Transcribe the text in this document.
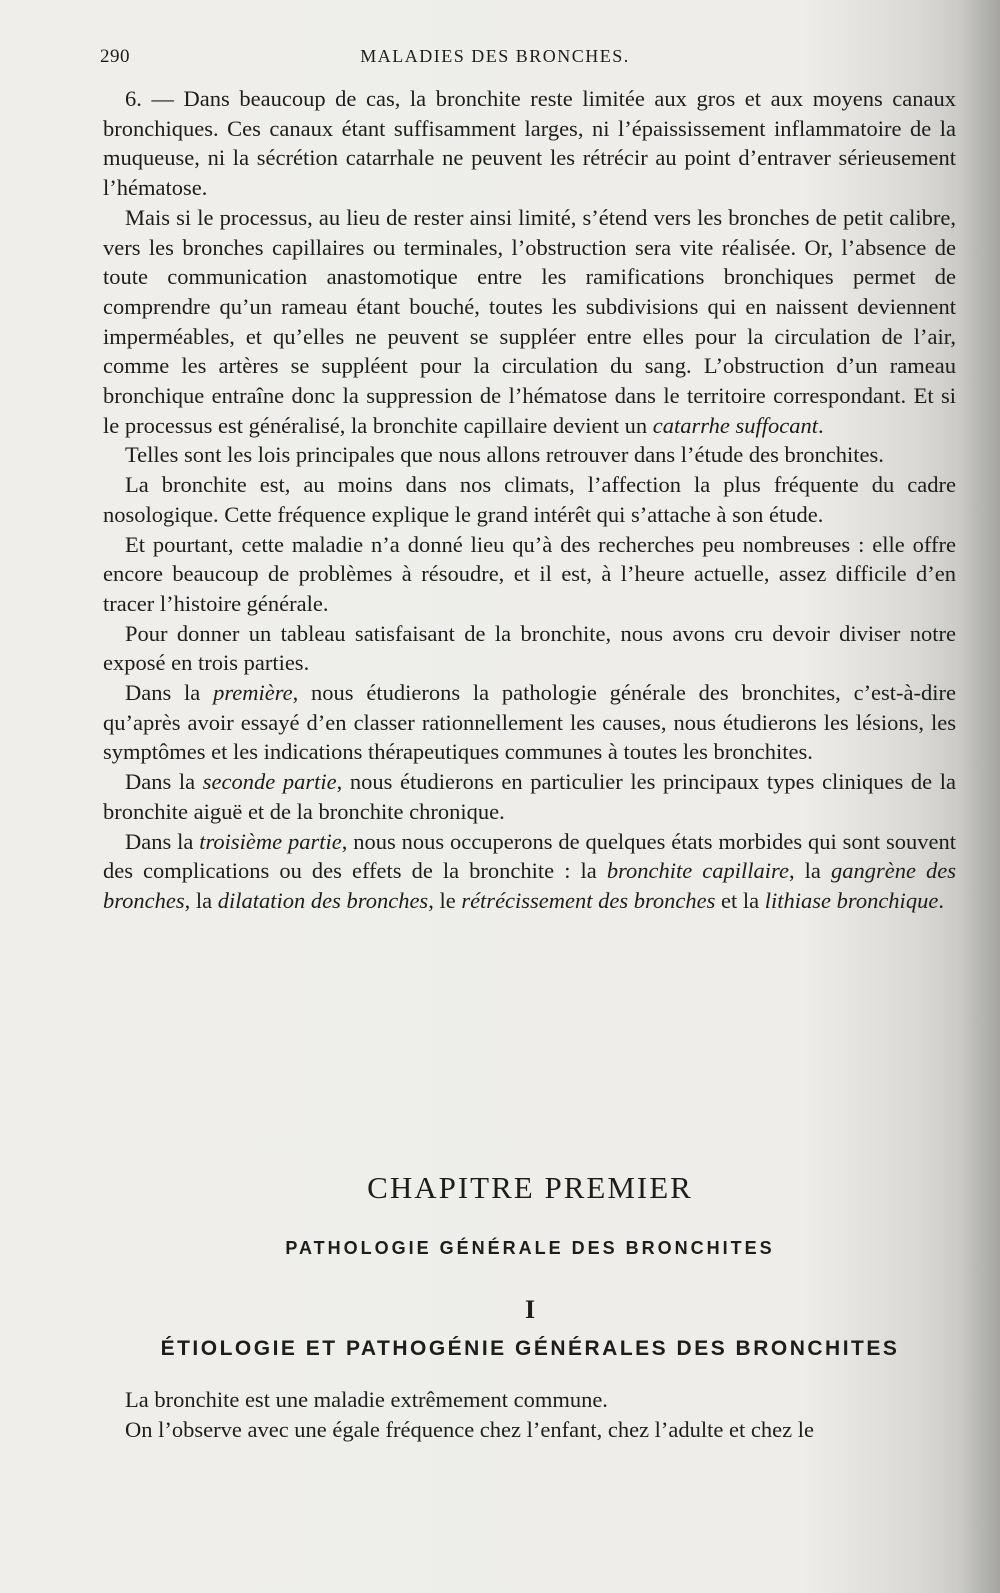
290	MALADIES DES BRONCHES.

6. — Dans beaucoup de cas, la bronchite reste limitée aux gros et aux moyens canaux bronchiques. Ces canaux étant suffisamment larges, ni l’épaississement inflammatoire de la muqueuse, ni la sécrétion catarrhale ne peuvent les rétrécir au point d’entraver sérieusement l’hématose.

Mais si le processus, au lieu de rester ainsi limité, s’étend vers les bronches de petit calibre, vers les bronches capillaires ou terminales, l’obstruction sera vite réalisée. Or, l’absence de toute communication anastomotique entre les ramifications bronchiques permet de comprendre qu’un rameau étant bouché, toutes les subdivisions qui en naissent deviennent imperméables, et qu’elles ne peuvent se suppléer entre elles pour la circulation de l’air, comme les artères se suppléent pour la circulation du sang. L’obstruction d’un rameau bronchique entraîne donc la suppression de l’hématose dans le territoire correspondant. Et si le processus est généralisé, la bronchite capillaire devient un catarrhe suffocant.

Telles sont les lois principales que nous allons retrouver dans l’étude des bronchites.

La bronchite est, au moins dans nos climats, l’affection la plus fréquente du cadre nosologique. Cette fréquence explique le grand intérêt qui s’attache à son étude.

Et pourtant, cette maladie n’a donné lieu qu’à des recherches peu nombreuses : elle offre encore beaucoup de problèmes à résoudre, et il est, à l’heure actuelle, assez difficile d’en tracer l’histoire générale.

Pour donner un tableau satisfaisant de la bronchite, nous avons cru devoir diviser notre exposé en trois parties.

Dans la première, nous étudierons la pathologie générale des bronchites, c’est-à-dire qu’après avoir essayé d’en classer rationnellement les causes, nous étudierons les lésions, les symptômes et les indications thérapeutiques communes à toutes les bronchites.

Dans la seconde partie, nous étudierons en particulier les principaux types cliniques de la bronchite aiguë et de la bronchite chronique.

Dans la troisième partie, nous nous occuperons de quelques états morbides qui sont souvent des complications ou des effets de la bronchite : la bronchite capillaire, la gangrène des bronches, la dilatation des bronches, le rétrécissement des bronches et la lithiase bronchique.

CHAPITRE PREMIER
PATHOLOGIE GÉNÉRALE DES BRONCHITES
I
ÉTIOLOGIE ET PATHOGÉNIE GÉNÉRALES DES BRONCHITES

La bronchite est une maladie extrêmement commune.

On l’observe avec une égale fréquence chez l’enfant, chez l’adulte et chez le
